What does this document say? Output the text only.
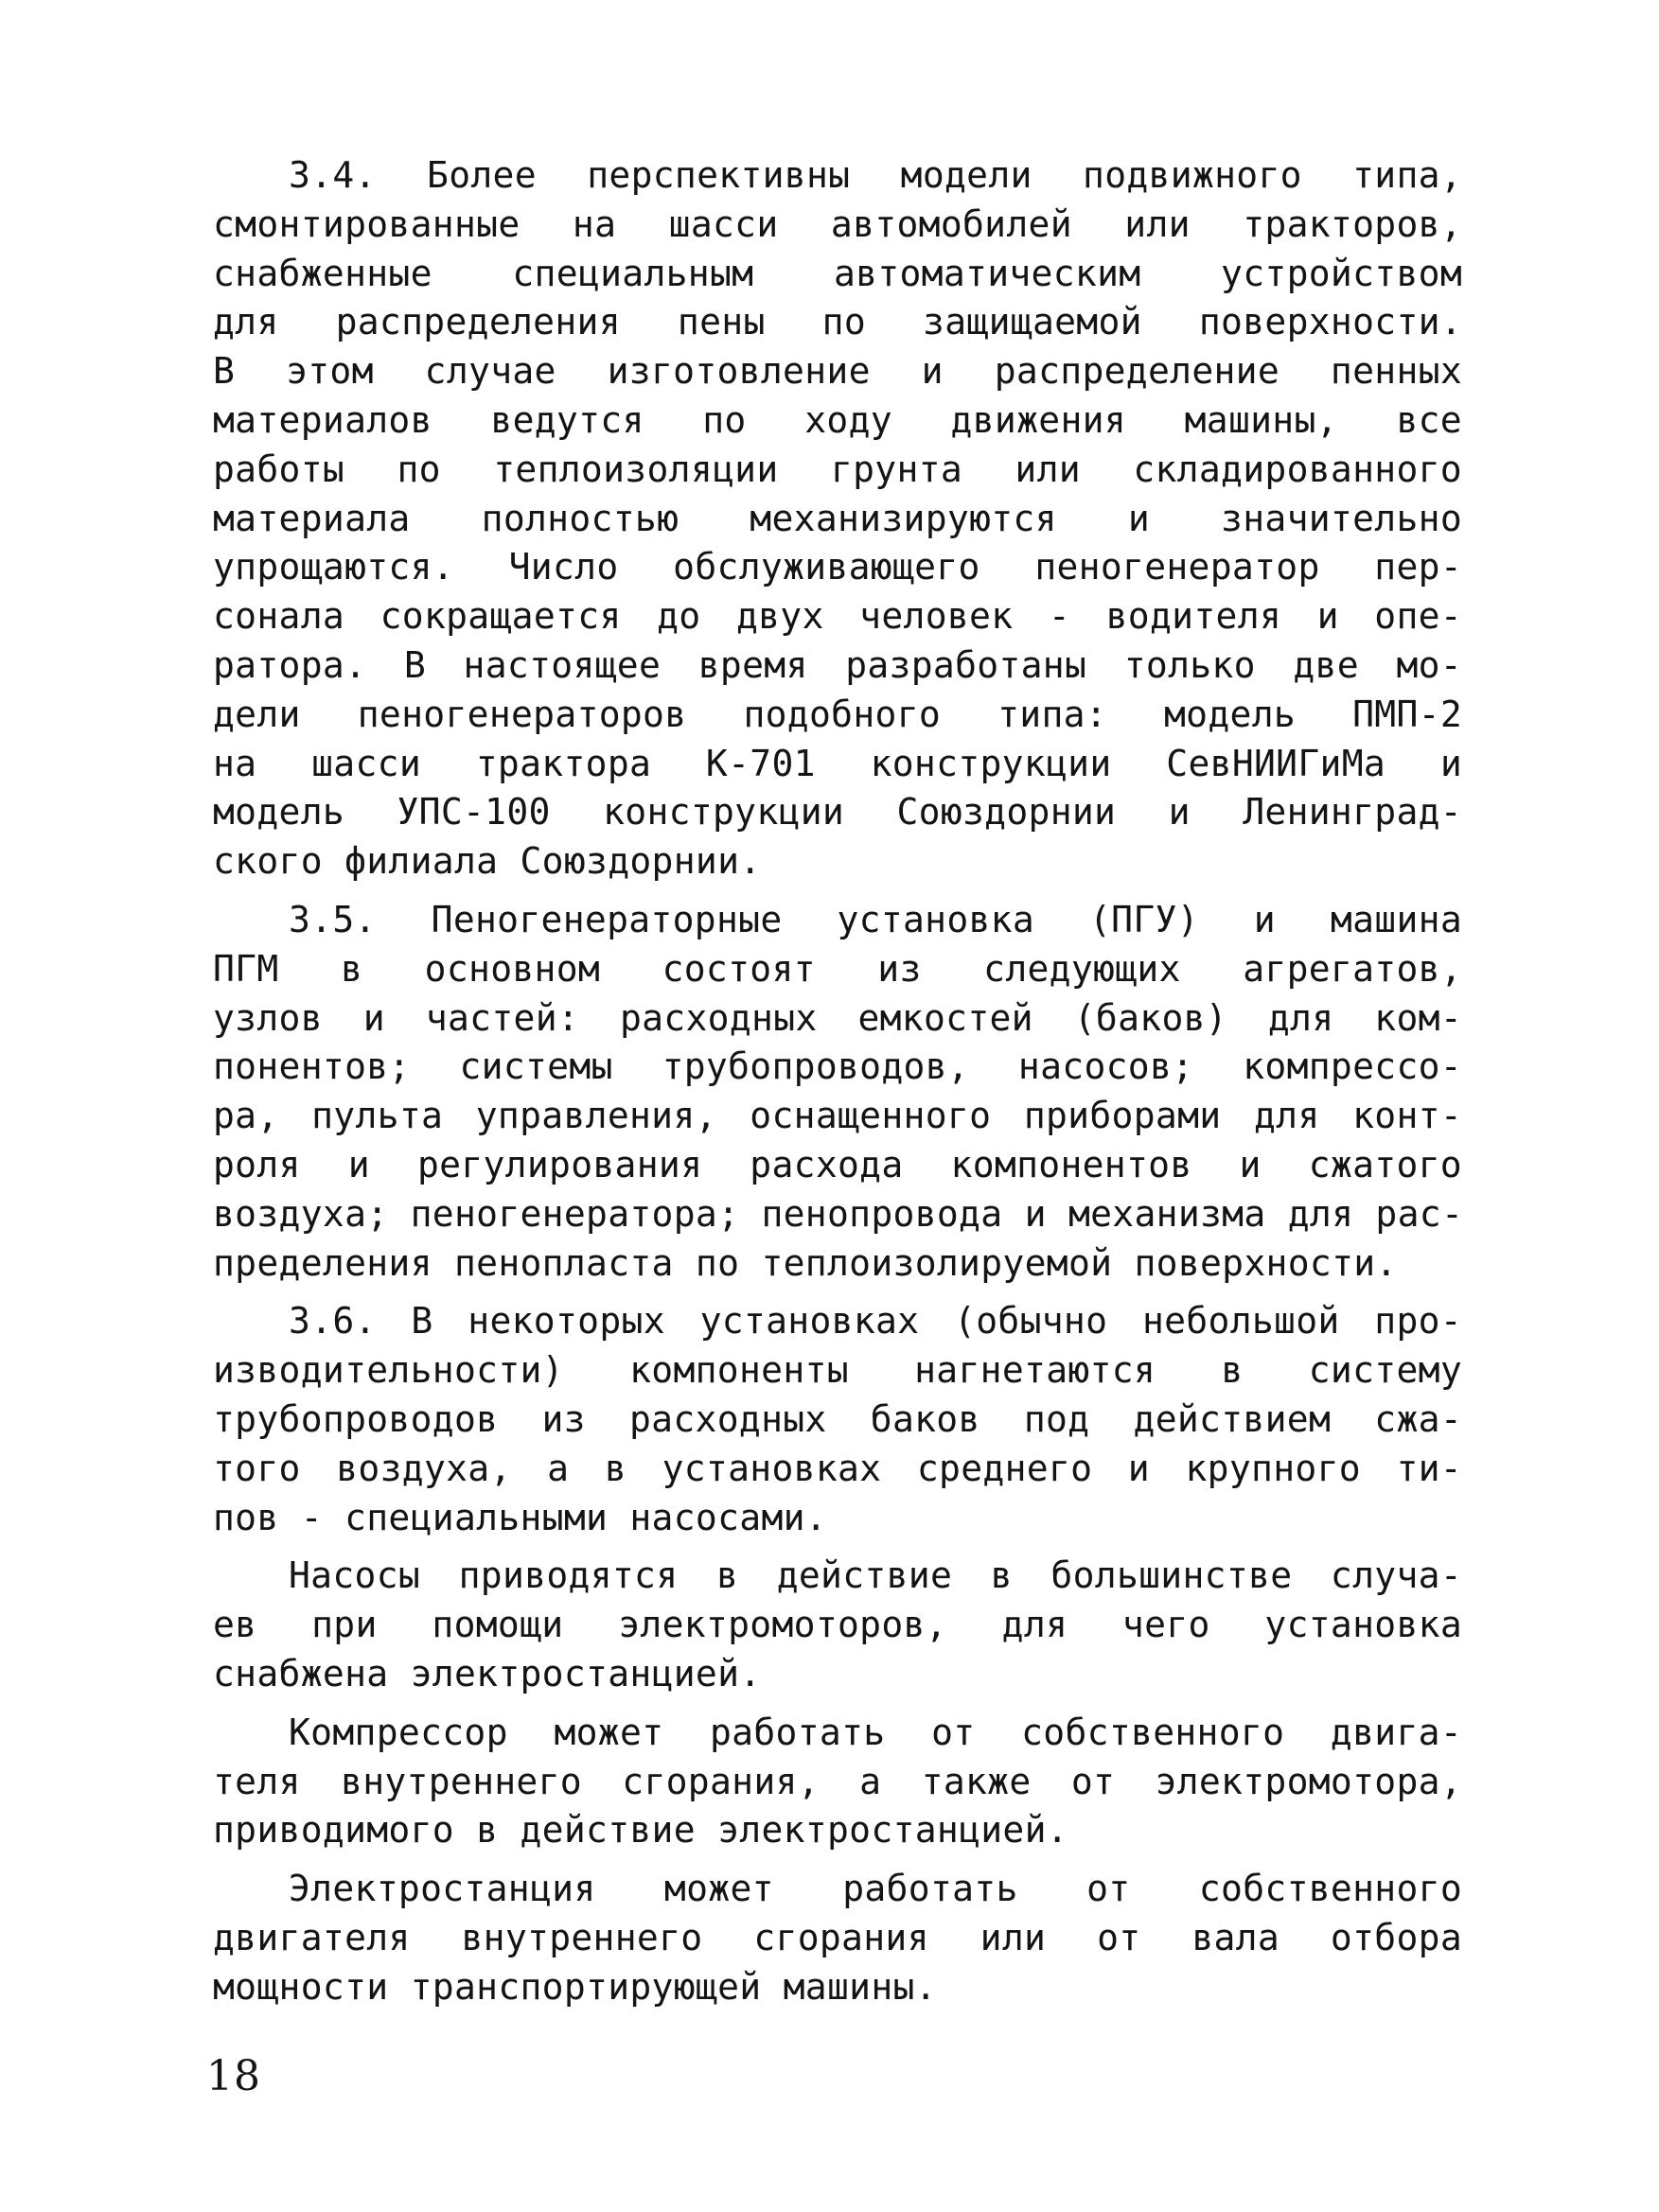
3.4. Более перспективны модели подвижного типа,
смонтированные на шасси автомобилей или тракторов,
снабженные специальным автоматическим устройством
для распределения пены по защищаемой поверхности.
В этом случае изготовление и распределение пенных
материалов ведутся по ходу движения машины, все
работы по теплоизоляции грунта или складированного
материала полностью механизируются и значительно
упрощаются. Число обслуживающего пеногенератор пер-
сонала сокращается до двух человек - водителя и опе-
ратора. В настоящее время разработаны только две мо-
дели пеногенераторов подобного типа: модель ПМП-2
на шасси трактора К-701 конструкции СевНИИГиМа и
модель УПС-100 конструкции Союздорнии и Ленинград-
ского филиала Союздорнии.

3.5. Пеногенераторные установка (ПГУ) и машина
ПГМ в основном состоят из следующих агрегатов,
узлов и частей: расходных емкостей (баков) для ком-
понентов; системы трубопроводов, насосов; компрессо-
ра, пульта управления, оснащенного приборами для конт-
роля и регулирования расхода компонентов и сжатого
воздуха; пеногенератора; пенопровода и механизма для рас-
пределения пенопласта по теплоизолируемой поверхности.

3.6. В некоторых установках (обычно небольшой про-
изводительности) компоненты нагнетаются в систему
трубопроводов из расходных баков под действием сжа-
того воздуха, а в установках среднего и крупного ти-
пов - специальными насосами.

Насосы приводятся в действие в большинстве случа-
ев при помощи электромоторов, для чего установка
снабжена электростанцией.

Компрессор может работать от собственного двига-
теля внутреннего сгорания, а также от электромотора,
приводимого в действие электростанцией.

Электростанция может работать от собственного
двигателя внутреннего сгорания или от вала отбора
мощности транспортирующей машины.

18
